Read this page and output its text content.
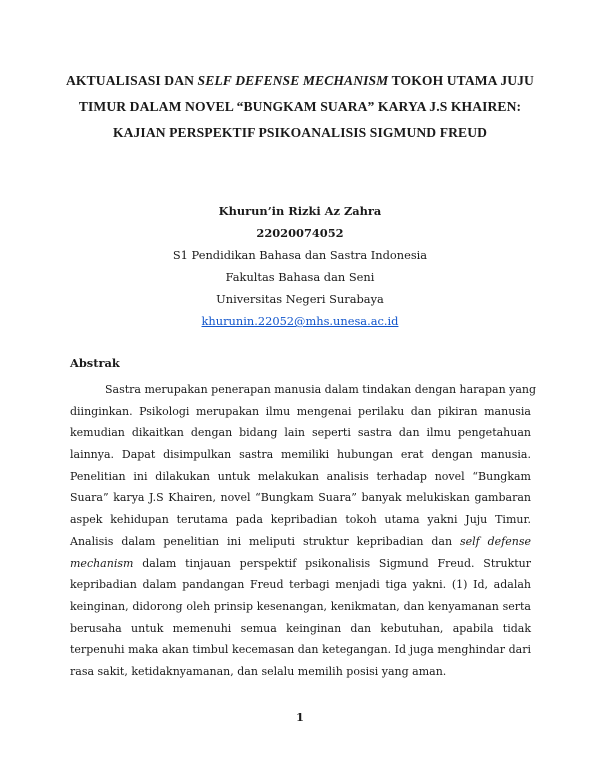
AKTUALISASI DAN SELF DEFENSE MECHANISM TOKOH UTAMA JUJU TIMUR DALAM NOVEL “BUNGKAM SUARA” KARYA J.S KHAIREN: KAJIAN PERSPEKTIF PSIKOANALISIS SIGMUND FREUD
Khurun’in Rizki Az Zahra
22020074052
S1 Pendidikan Bahasa dan Sastra Indonesia
Fakultas Bahasa dan Seni
Universitas Negeri Surabaya
khurunin.22052@mhs.unesa.ac.id
Abstrak
Sastra merupakan penerapan manusia dalam tindakan dengan harapan yang
diinginkan. Psikologi merupakan ilmu mengenai perilaku dan pikiran manusia
kemudian dikaitkan dengan bidang lain seperti sastra dan ilmu pengetahuan
lainnya. Dapat disimpulkan sastra memiliki hubungan erat dengan manusia.
Penelitian ini dilakukan untuk melakukan analisis terhadap novel “Bungkam
Suara” karya J.S Khairen, novel “Bungkam Suara” banyak melukiskan gambaran
aspek kehidupan terutama pada kepribadian tokoh utama yakni Juju Timur.
Analisis dalam penelitian ini meliputi struktur kepribadian dan self defense
mechanism dalam tinjauan perspektif psikonalisis Sigmund Freud. Struktur
kepribadian dalam pandangan Freud terbagi menjadi tiga yakni. (1) Id, adalah
keinginan, didorong oleh prinsip kesenangan, kenikmatan, dan kenyamanan serta
berusaha untuk memenuhi semua keinginan dan kebutuhan, apabila tidak
terpenuhi maka akan timbul kecemasan dan ketegangan. Id juga menghindar dari
rasa sakit, ketidaknyamanan, dan selalu memilih posisi yang aman.
1
